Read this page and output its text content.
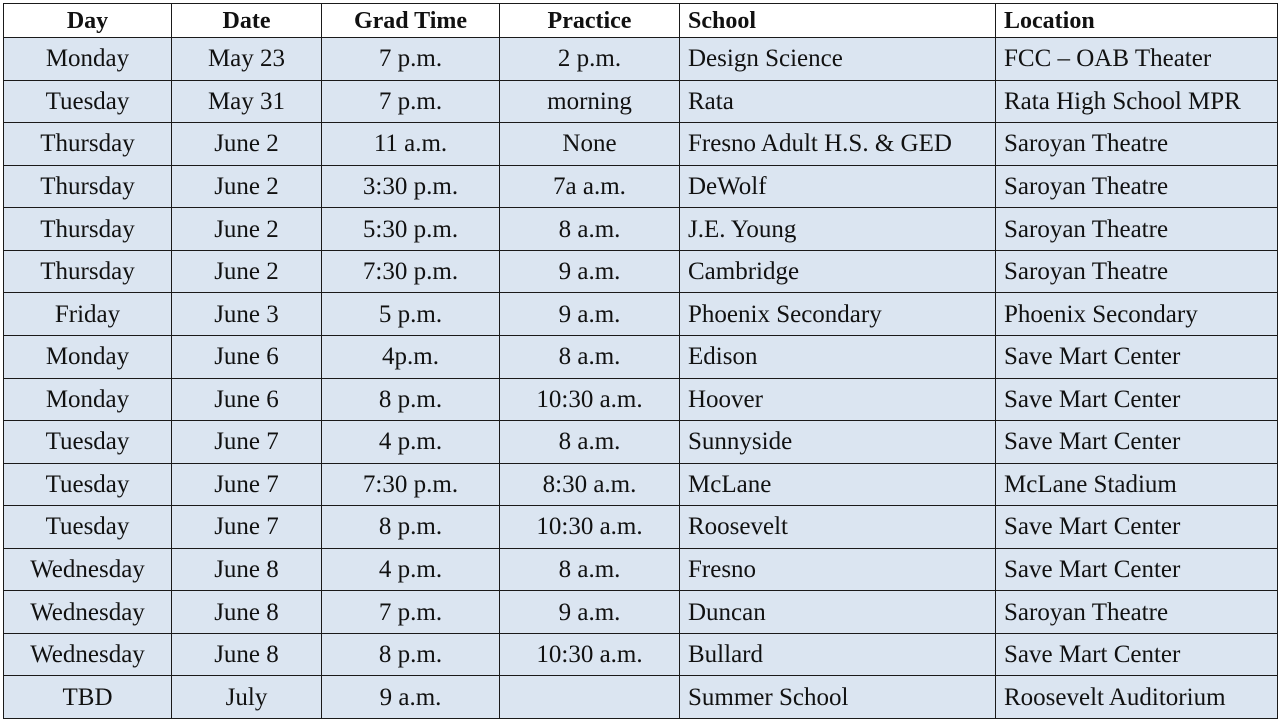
Day	Date	Grad Time	Practice	School	Location
Monday	May 23	7 p.m.	2 p.m.	Design Science	FCC – OAB Theater
Tuesday	May 31	7 p.m.	morning	Rata	Rata High School MPR
Thursday	June 2	11 a.m.	None	Fresno Adult H.S. & GED	Saroyan Theatre
Thursday	June 2	3:30 p.m.	7a a.m.	DeWolf	Saroyan Theatre
Thursday	June 2	5:30 p.m.	8 a.m.	J.E. Young	Saroyan Theatre
Thursday	June 2	7:30 p.m.	9 a.m.	Cambridge	Saroyan Theatre
Friday	June 3	5 p.m.	9 a.m.	Phoenix Secondary	Phoenix Secondary
Monday	June 6	4p.m.	8 a.m.	Edison	Save Mart Center
Monday	June 6	8 p.m.	10:30 a.m.	Hoover	Save Mart Center
Tuesday	June 7	4 p.m.	8 a.m.	Sunnyside	Save Mart Center
Tuesday	June 7	7:30 p.m.	8:30 a.m.	McLane	McLane Stadium
Tuesday	June 7	8 p.m.	10:30 a.m.	Roosevelt	Save Mart Center
Wednesday	June 8	4 p.m.	8 a.m.	Fresno	Save Mart Center
Wednesday	June 8	7 p.m.	9 a.m.	Duncan	Saroyan Theatre
Wednesday	June 8	8 p.m.	10:30 a.m.	Bullard	Save Mart Center
TBD	July	9 a.m.		Summer School	Roosevelt Auditorium
